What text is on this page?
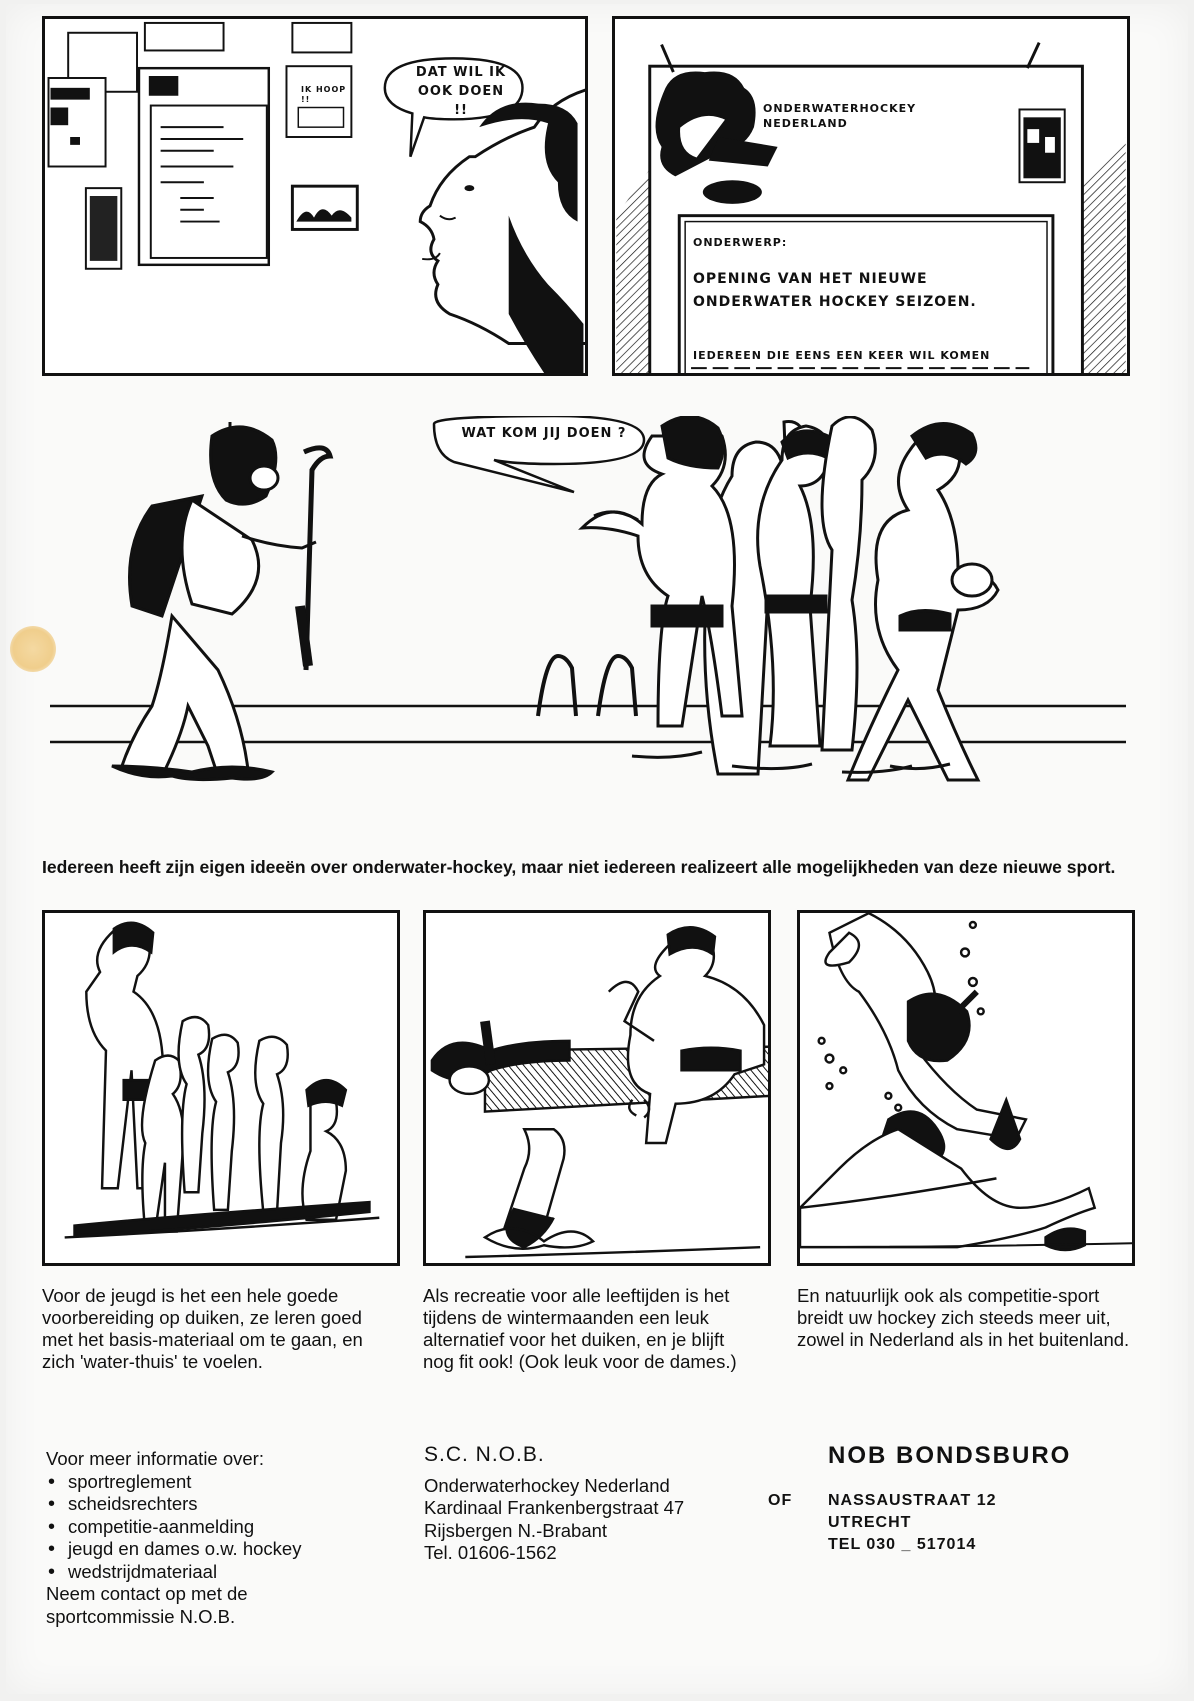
DAT WIL IK OOK DOEN !!
IK HOOP !!
ONDERWATERHOCKEY NEDERLAND
ONDERWERP:
OPENING VAN HET NIEUWE
ONDERWATER HOCKEY SEIZOEN.
IEDEREEN DIE EENS EEN KEER WIL KOMEN
WAT KOM JIJ DOEN ?
Iedereen heeft zijn eigen ideeën over onderwater-hockey, maar niet iedereen realizeert alle mogelijkheden van deze nieuwe sport.
Voor de jeugd is het een hele goede voorbereiding op duiken, ze leren goed met het basis-materiaal om te gaan, en zich 'water-thuis' te voelen.
Als recreatie voor alle leeftijden is het tijdens de wintermaanden een leuk alternatief voor het duiken, en je blijft nog fit ook! (Ook leuk voor de dames.)
En natuurlijk ook als competitie-sport breidt uw hockey zich steeds meer uit, zowel in Nederland als in het buitenland.
Voor meer informatie over:
• sportreglement
• scheidsrechters
• competitie-aanmelding
• jeugd en dames o.w. hockey
• wedstrijdmateriaal
Neem contact op met de
sportcommissie N.O.B.
S.C. N.O.B.
Onderwaterhockey Nederland
Kardinaal Frankenbergstraat 47
Rijsbergen N.-Brabant
Tel. 01606-1562
OF
NOB BONDSBURO
NASSAUSTRAAT 12
UTRECHT
TEL 030 _ 517014
